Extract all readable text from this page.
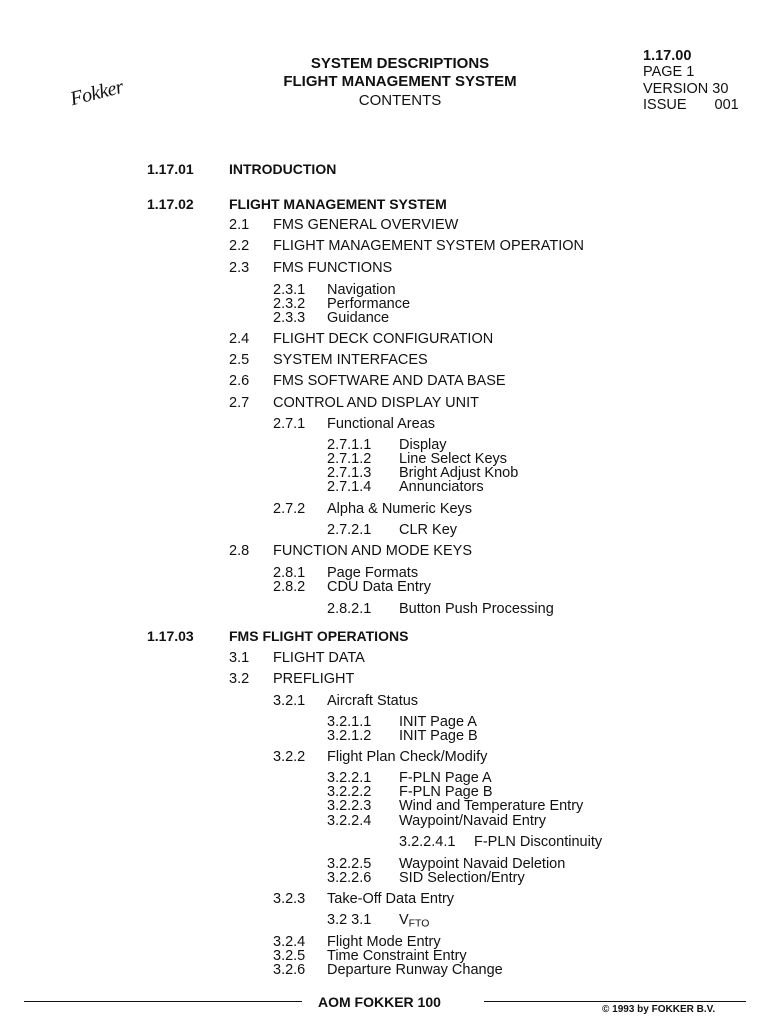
Fokker
SYSTEM DESCRIPTIONS
FLIGHT MANAGEMENT SYSTEM
CONTENTS
1.17.00
PAGE 1
VERSION 30
ISSUE 001
1.17.01	INTRODUCTION
1.17.02	FLIGHT MANAGEMENT SYSTEM
2.1 FMS GENERAL OVERVIEW
2.2 FLIGHT MANAGEMENT SYSTEM OPERATION
2.3 FMS FUNCTIONS
2.3.1 Navigation
2.3.2 Performance
2.3.3 Guidance
2.4 FLIGHT DECK CONFIGURATION
2.5 SYSTEM INTERFACES
2.6 FMS SOFTWARE AND DATA BASE
2.7 CONTROL AND DISPLAY UNIT
2.7.1 Functional Areas
2.7.1.1 Display
2.7.1.2 Line Select Keys
2.7.1.3 Bright Adjust Knob
2.7.1.4 Annunciators
2.7.2 Alpha & Numeric Keys
2.7.2.1 CLR Key
2.8 FUNCTION AND MODE KEYS
2.8.1 Page Formats
2.8.2 CDU Data Entry
2.8.2.1 Button Push Processing
1.17.03	FMS FLIGHT OPERATIONS
3.1 FLIGHT DATA
3.2 PREFLIGHT
3.2.1 Aircraft Status
3.2.1.1 INIT Page A
3.2.1.2 INIT Page B
3.2.2 Flight Plan Check/Modify
3.2.2.1 F-PLN Page A
3.2.2.2 F-PLN Page B
3.2.2.3 Wind and Temperature Entry
3.2.2.4 Waypoint/Navaid Entry
3.2.2.4.1 F-PLN Discontinuity
3.2.2.5 Waypoint Navaid Deletion
3.2.2.6 SID Selection/Entry
3.2.3 Take-Off Data Entry
3.2 3.1 $V_{FTO}$
3.2.4 Flight Mode Entry
3.2.5 Time Constraint Entry
3.2.6 Departure Runway Change
AOM FOKKER 100	© 1993 by FOKKER B.V.
